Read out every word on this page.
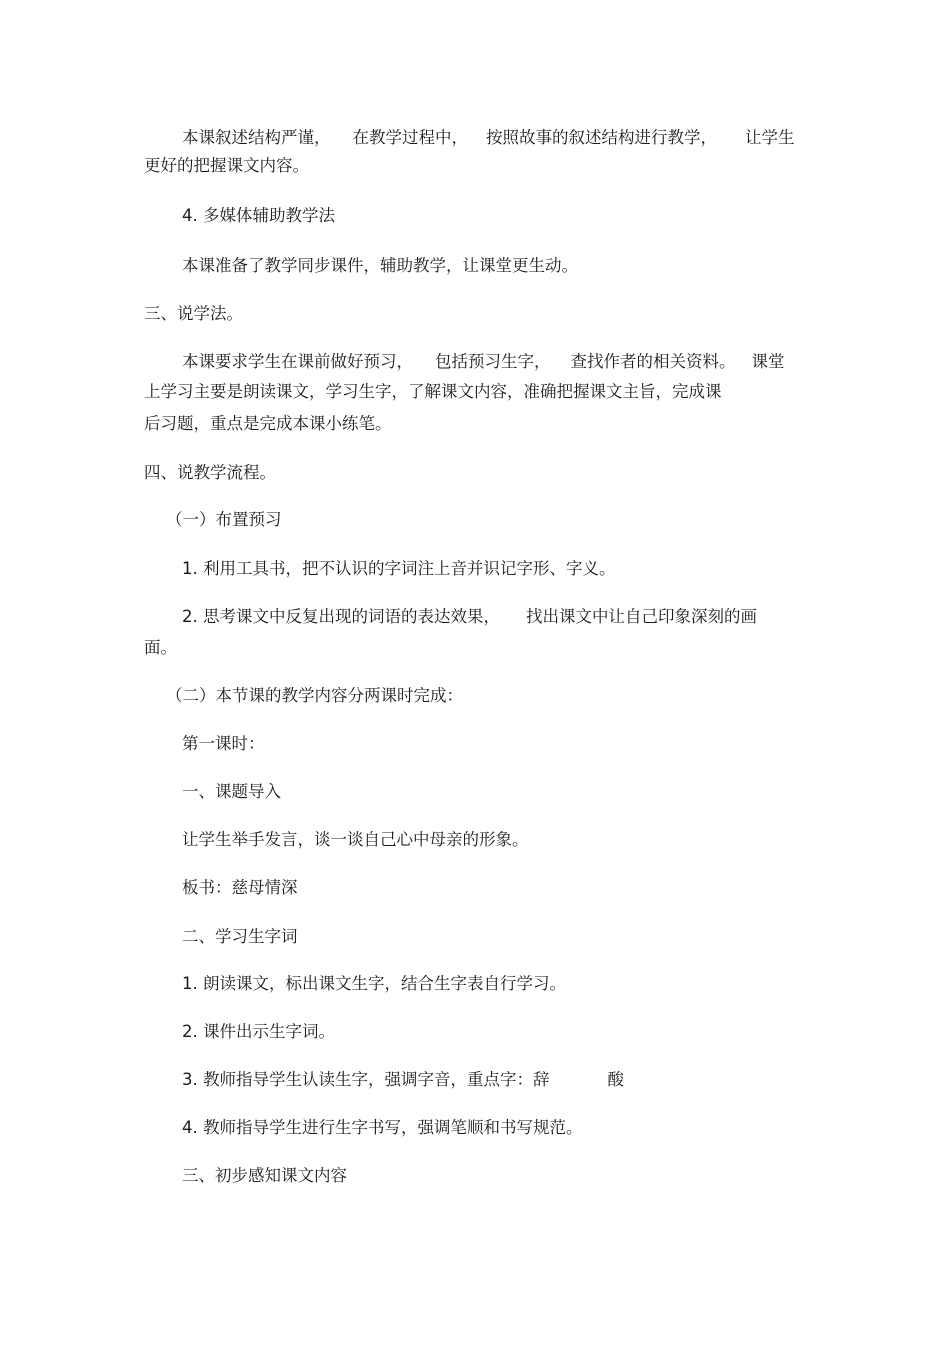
本课叙述结构严谨， 在教学过程中， 按照故事的叙述结构进行教学， 让学生
更好的把握课文内容。
4. 多媒体辅助教学法
本课准备了教学同步课件，辅助教学，让课堂更生动。
三、说学法。
本课要求学生在课前做好预习， 包括预习生字， 查找作者的相关资料。 课堂
上学习主要是朗读课文，学习生字，了解课文内容，准确把握课文主旨，完成课
后习题，重点是完成本课小练笔。
四、说教学流程。
（一）布置预习
1. 利用工具书，把不认识的字词注上音并识记字形、字义。
2. 思考课文中反复出现的词语的表达效果， 找出课文中让自己印象深刻的画
面。
（二）本节课的教学内容分两课时完成：
第一课时：
一、课题导入
让学生举手发言，谈一谈自己心中母亲的形象。
板书：慈母情深
二、学习生字词
1. 朗读课文，标出课文生字，结合生字表自行学习。
2. 课件出示生字词。
3. 教师指导学生认读生字，强调字音，重点字：辞	酸
4. 教师指导学生进行生字书写，强调笔顺和书写规范。
三、初步感知课文内容
